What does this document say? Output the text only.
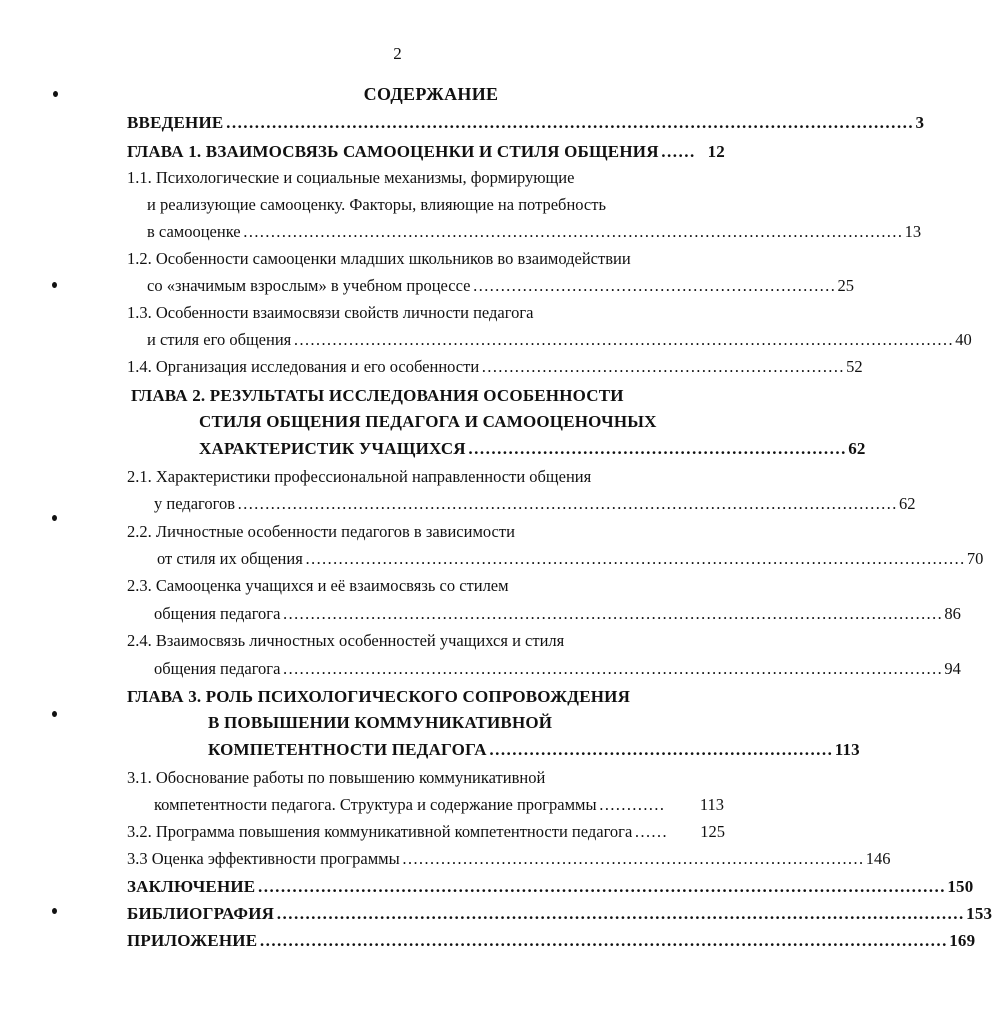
2
СОДЕРЖАНИЕ
ВВЕДЕНИЕ ………………………………………………………………………………………………………… 3
ГЛАВА 1. ВЗАИМОСВЯЗЬ САМООЦЕНКИ И СТИЛЯ ОБЩЕНИЯ …… 12
1.1. Психологические и социальные механизмы, формирующие
и реализующие самооценку. Факторы, влияющие на потребность
в самооценке ………………………………………………………………………………………………………… 13
1.2. Особенности самооценки младших школьников во взаимодействии
со «значимым взрослым» в учебном процессе ………………………………………………………… 25
1.3. Особенности взаимосвязи свойств личности педагога
и стиля его общения ………………………………………………………………………………………………………… 40
1.4. Организация исследования и его особенности ………………………………………………………… 52
ГЛАВА 2. РЕЗУЛЬТАТЫ ИССЛЕДОВАНИЯ ОСОБЕННОСТИ
СТИЛЯ ОБЩЕНИЯ ПЕДАГОГА И САМООЦЕНОЧНЫХ
ХАРАКТЕРИСТИК УЧАЩИХСЯ ………………………………………………………… 62
2.1. Характеристики профессиональной направленности общения
у педагогов ………………………………………………………………………………………………………… 62
2.2. Личностные особенности педагогов в зависимости
от стиля их общения ………………………………………………………………………………………………………… 70
2.3. Самооценка учащихся и её взаимосвязь со стилем
общения педагога ………………………………………………………………………………………………………… 86
2.4. Взаимосвязь личностных особенностей учащихся и стиля
общения педагога ………………………………………………………………………………………………………… 94
ГЛАВА 3. РОЛЬ ПСИХОЛОГИЧЕСКОГО СОПРОВОЖДЕНИЯ
В ПОВЫШЕНИИ КОММУНИКАТИВНОЙ
КОМПЕТЕНТНОСТИ ПЕДАГОГА …………………………………………………… 113
3.1. Обоснование работы по повышению коммуникативной
компетентности педагога. Структура и содержание программы …………	113
3.2. Программа повышения коммуникативной компетентности педагога ……	125
3.3 Оценка эффективности программы ………………………………………………………………………… 146
ЗАКЛЮЧЕНИЕ ………………………………………………………………………………………………………… 150
БИБЛИОГРАФИЯ ………………………………………………………………………………………………………… 153
ПРИЛОЖЕНИЕ ………………………………………………………………………………………………………… 169
